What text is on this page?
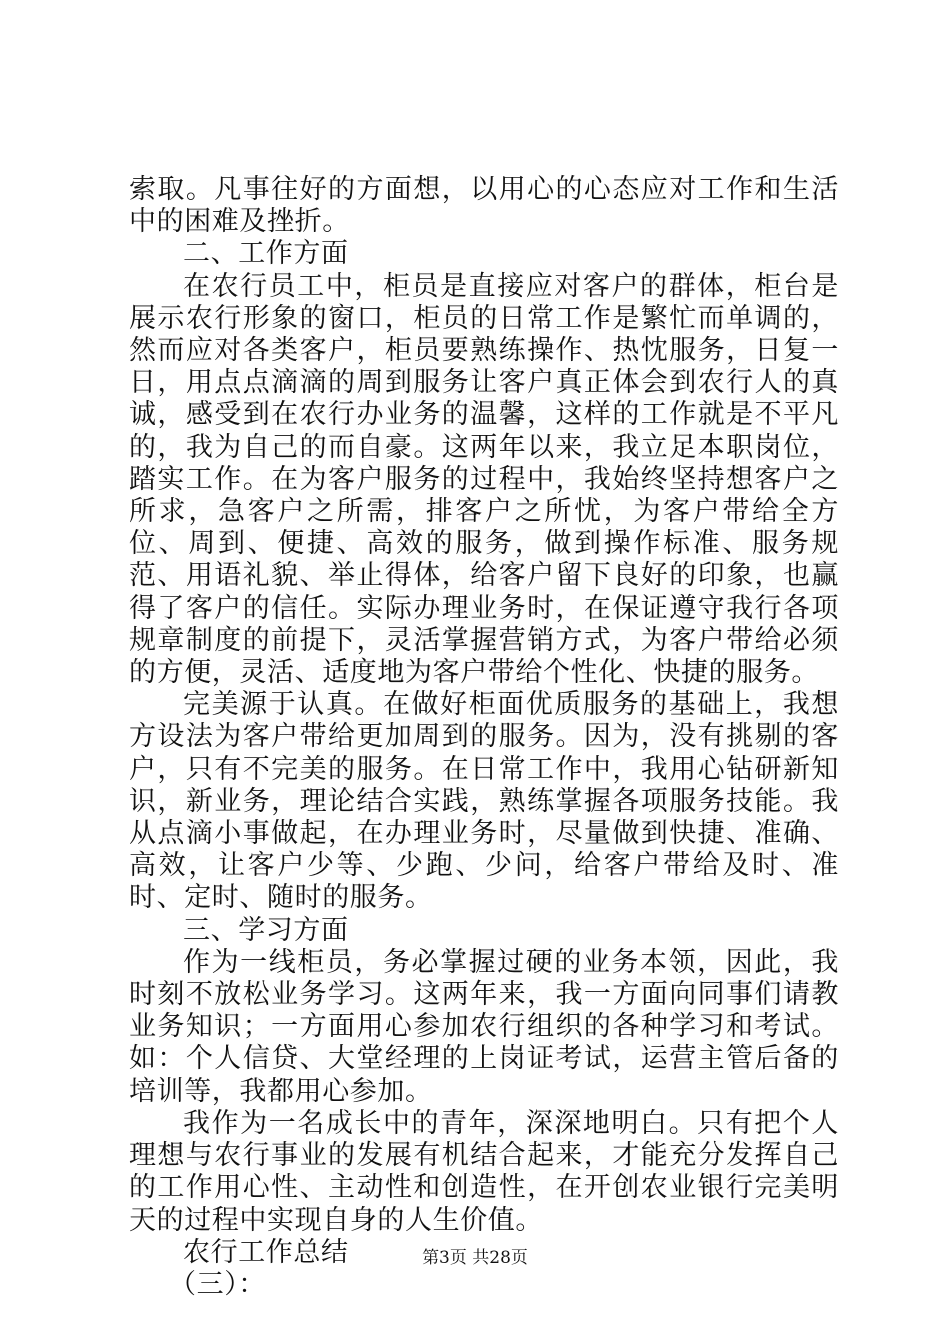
索取。凡事往好的方面想，以用心的心态应对工作和生活中的困难及挫折。

二、工作方面

在农行员工中，柜员是直接应对客户的群体，柜台是展示农行形象的窗口，柜员的日常工作是繁忙而单调的，然而应对各类客户，柜员要熟练操作、热忱服务，日复一日，用点点滴滴的周到服务让客户真正体会到农行人的真诚，感受到在农行办业务的温馨，这样的工作就是不平凡的，我为自己的而自豪。这两年以来，我立足本职岗位，踏实工作。在为客户服务的过程中，我始终坚持想客户之所求，急客户之所需，排客户之所忧，为客户带给全方位、周到、便捷、高效的服务，做到操作标准、服务规范、用语礼貌、举止得体，给客户留下良好的印象，也赢得了客户的信任。实际办理业务时，在保证遵守我行各项规章制度的前提下，灵活掌握营销方式，为客户带给必须的方便，灵活、适度地为客户带给个性化、快捷的服务。

完美源于认真。在做好柜面优质服务的基础上，我想方设法为客户带给更加周到的服务。因为，没有挑剔的客户，只有不完美的服务。在日常工作中，我用心钻研新知识，新业务，理论结合实践，熟练掌握各项服务技能。我从点滴小事做起，在办理业务时，尽量做到快捷、准确、高效，让客户少等、少跑、少问，给客户带给及时、准时、定时、随时的服务。

三、学习方面

作为一线柜员，务必掌握过硬的业务本领，因此，我时刻不放松业务学习。这两年来，我一方面向同事们请教业务知识；一方面用心参加农行组织的各种学习和考试。如：个人信贷、大堂经理的上岗证考试，运营主管后备的培训等，我都用心参加。

我作为一名成长中的青年，深深地明白。只有把个人理想与农行事业的发展有机结合起来，才能充分发挥自己的工作用心性、主动性和创造性，在开创农业银行完美明天的过程中实现自身的人生价值。

农行工作总结

（三）：

第3页 共28页
